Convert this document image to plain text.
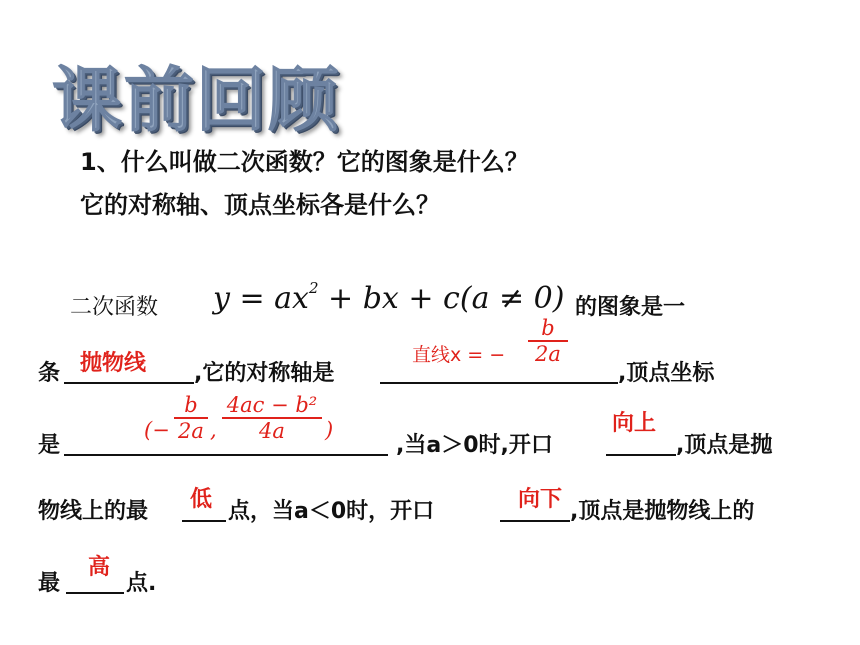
课前回顾
1、什么叫做二次函数？它的图象是什么？
它的对称轴、顶点坐标各是什么？
二次函数 $y = ax^2$ + bx + c(a ≠ 0) 的图象是一
条 抛物线 ,它的对称轴是
直线x = −
b
2a
,顶点坐标
是
(−
b
2a ,
4ac − b²
4a	)
,当a＞0时,开口
向上
,顶点是抛
物线上的最 低 点，当a＜0时，开口	向下 ,顶点是抛物线上的
最
高
点.
